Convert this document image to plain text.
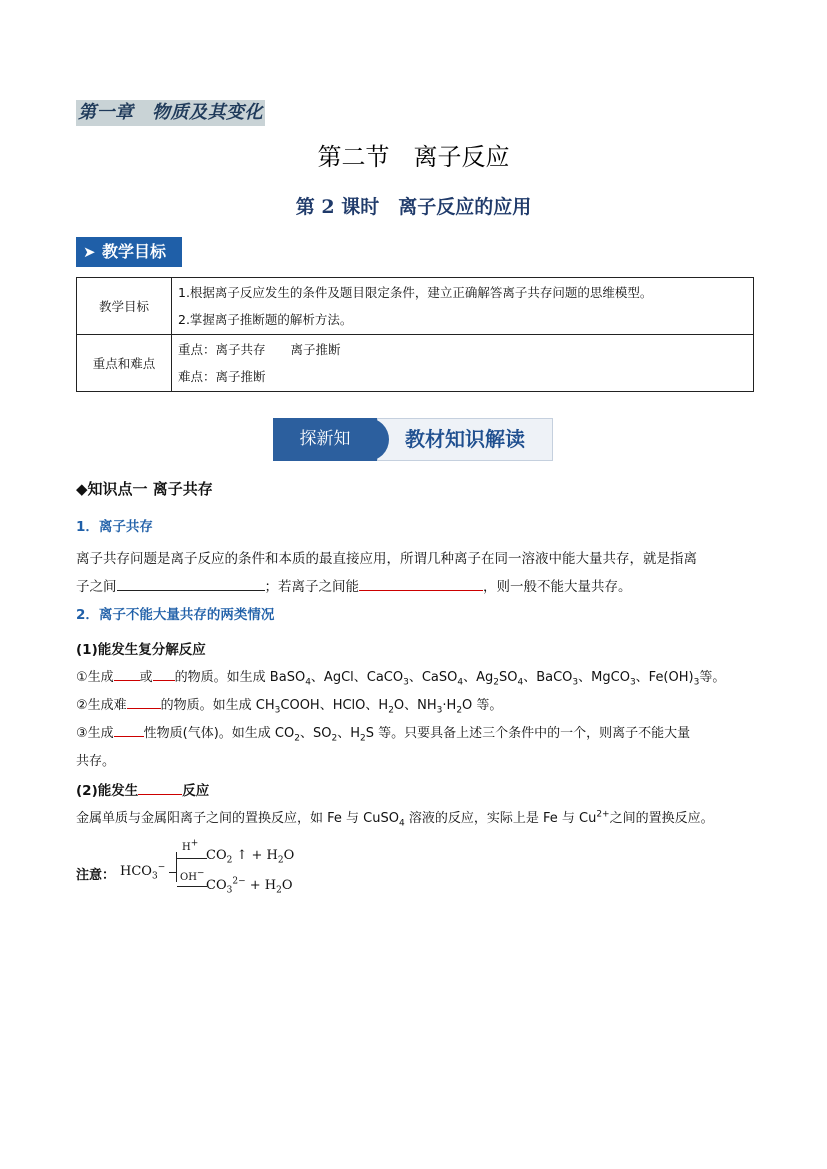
第一章　物质及其变化
第二节　离子反应
第 2 课时　离子反应的应用
➤ 教学目标
教学目标	1.根据离子反应发生的条件及题目限定条件，建立正确解答离子共存问题的思维模型。
2.掌握离子推断题的解析方法。

重点和难点	重点：离子共存　　离子推断
难点：离子推断
教材知识解读
探新知
◆知识点一 离子共存
1．离子共存
离子共存问题是离子反应的条件和本质的最直接应用，所谓几种离子在同一溶液中能大量共存，就是指离
子之间	；若离子之间能	，则一般不能大量共存。
2．离子不能大量共存的两类情况
(1)能发生复分解反应
①生成 或 的物质。如生成 BaSO$_4$、AgCl、CaCO$_3$、CaSO$_4$、$Ag_2SO_4$、BaCO$_3$、MgCO$_3$、$Fe(OH)_3$等。
②生成难	的物质。如生成 $CH_3COOH$、HClO、$H_2O$、$NH_3\cdot H_2O$ 等。
③生成 性物质(气体)。如生成 $CO_2$、$SO_2$、$H_2S$ 等。只要具备上述三个条件中的一个，则离子不能大量
共存。
(2)能发生	反应
金属单质与金属阳离子之间的置换反应，如 Fe 与 CuSO$_4$ 溶液的反应，实际上是 Fe 与 $Cu^{2+}$之间的置换反应。
注意： $HCO_3^-$
H+
$CO_2$ ↑ + $H_2O$
OH−
$CO_3^{2-} + H_2O$
